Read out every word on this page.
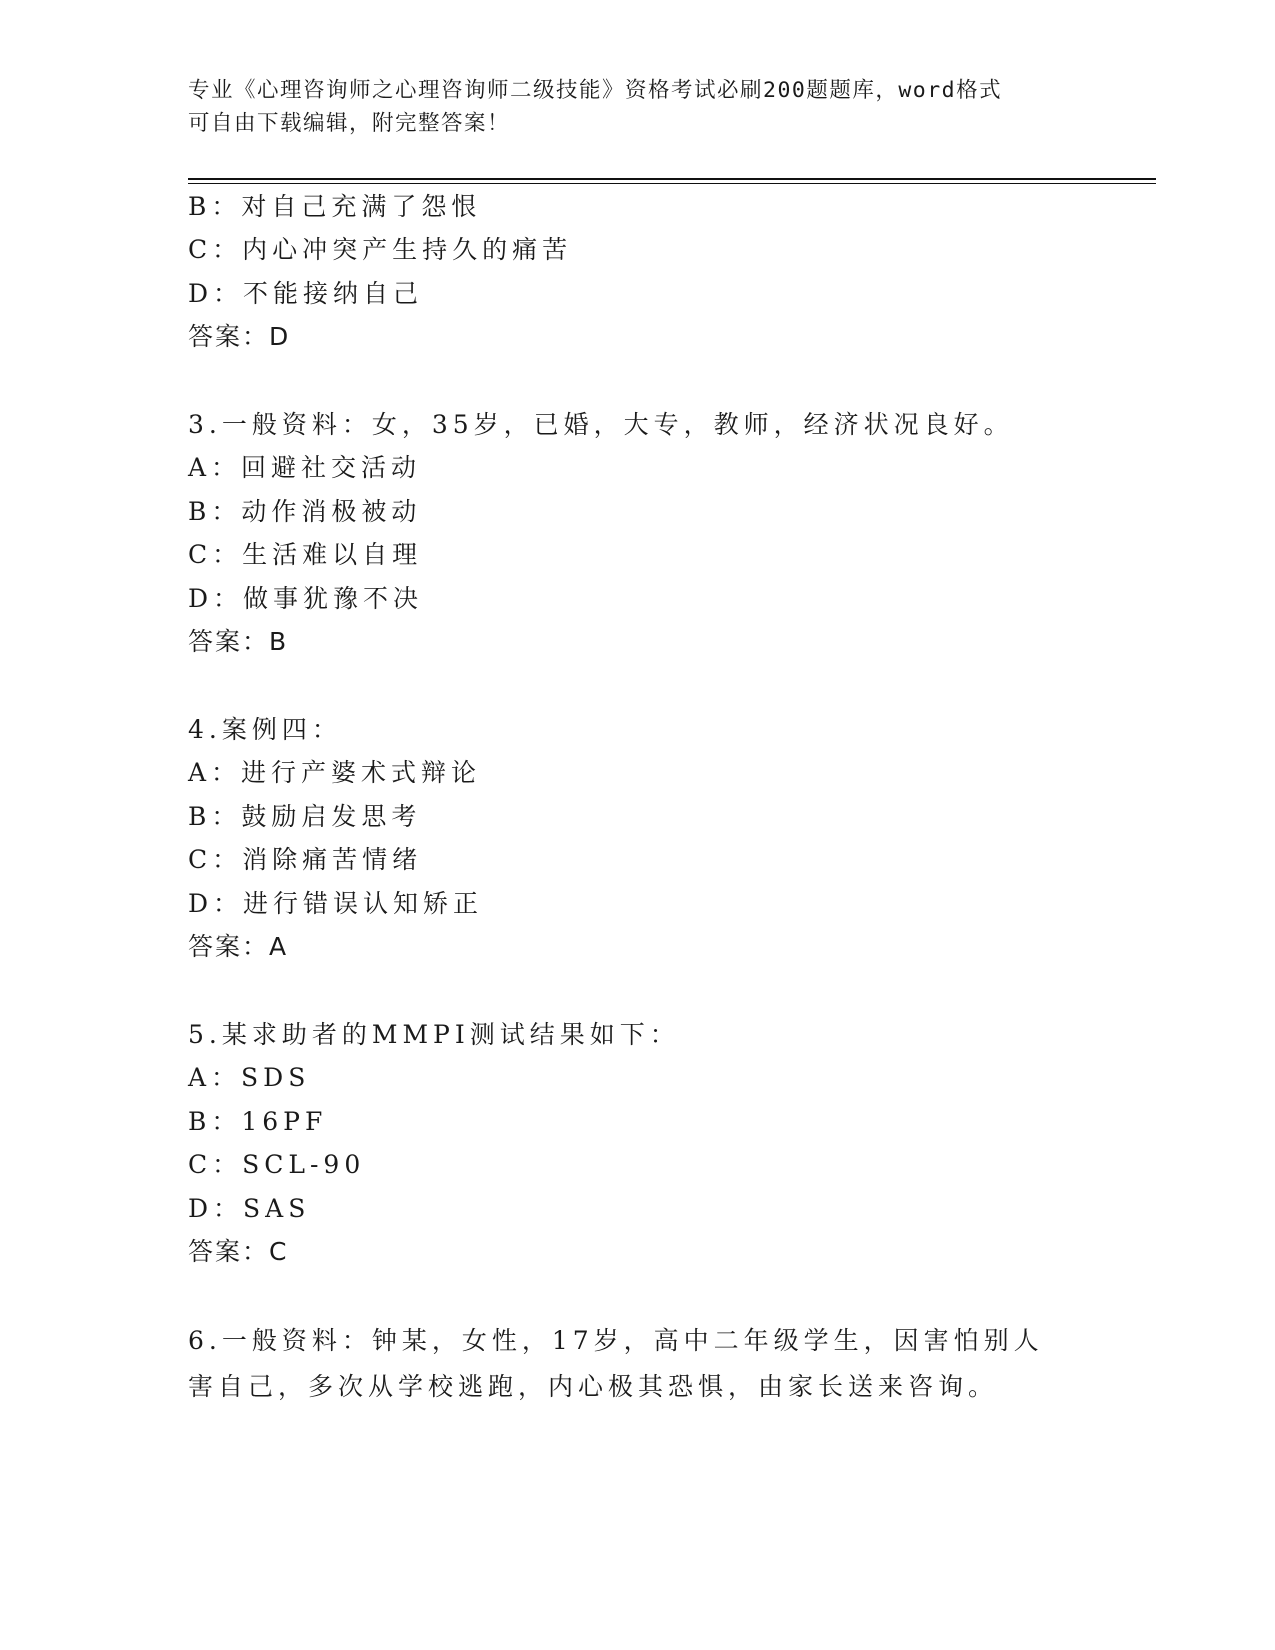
专业《心理咨询师之心理咨询师二级技能》资格考试必刷200题题库，word格式
可自由下载编辑，附完整答案！
B：对自己充满了怨恨
C：内心冲突产生持久的痛苦
D：不能接纳自己
答案：D
3.一般资料：女，35岁，已婚，大专，教师，经济状况良好。
A：回避社交活动
B：动作消极被动
C：生活难以自理
D：做事犹豫不决
答案：B
4.案例四：
A：进行产婆术式辩论
B：鼓励启发思考
C：消除痛苦情绪
D：进行错误认知矫正
答案：A
5.某求助者的MMPI测试结果如下：
A：SDS
B：16PF
C：SCL-90
D：SAS
答案：C
6.一般资料：钟某，女性，17岁，高中二年级学生，因害怕别人害自己，多次从学校逃跑，内心极其恐惧，由家长送来咨询。
